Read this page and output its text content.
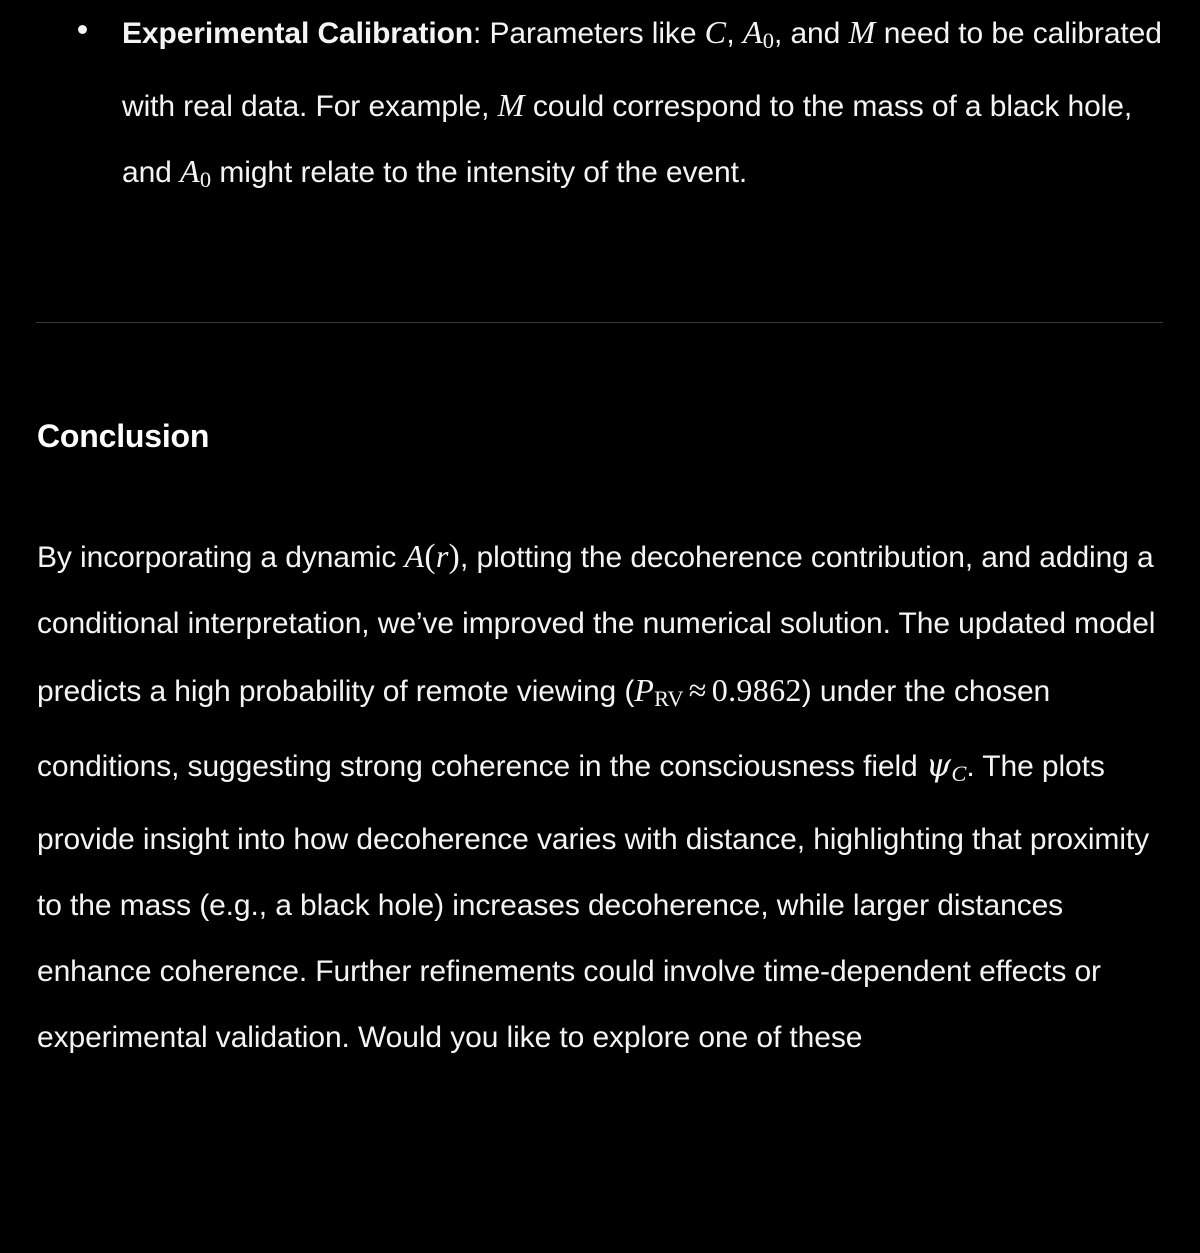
Experimental Calibration: Parameters like C, $A_0$, and M need to be calibrated with real data. For example, M could correspond to the mass of a black hole, and $A_0$ might relate to the intensity of the event.

Conclusion

By incorporating a dynamic A(r), plotting the decoherence contribution, and adding a conditional interpretation, we’ve improved the numerical solution. The updated model predicts a high probability of remote viewing $(P_{RV} \approx 0.9862)$ under the chosen conditions, suggesting strong coherence in the consciousness field $\psi_C$. The plots provide insight into how decoherence varies with distance, highlighting that proximity to the mass (e.g., a black hole) increases decoherence, while larger distances enhance coherence. Further refinements could involve time-dependent effects or experimental validation. Would you like to explore one of these
